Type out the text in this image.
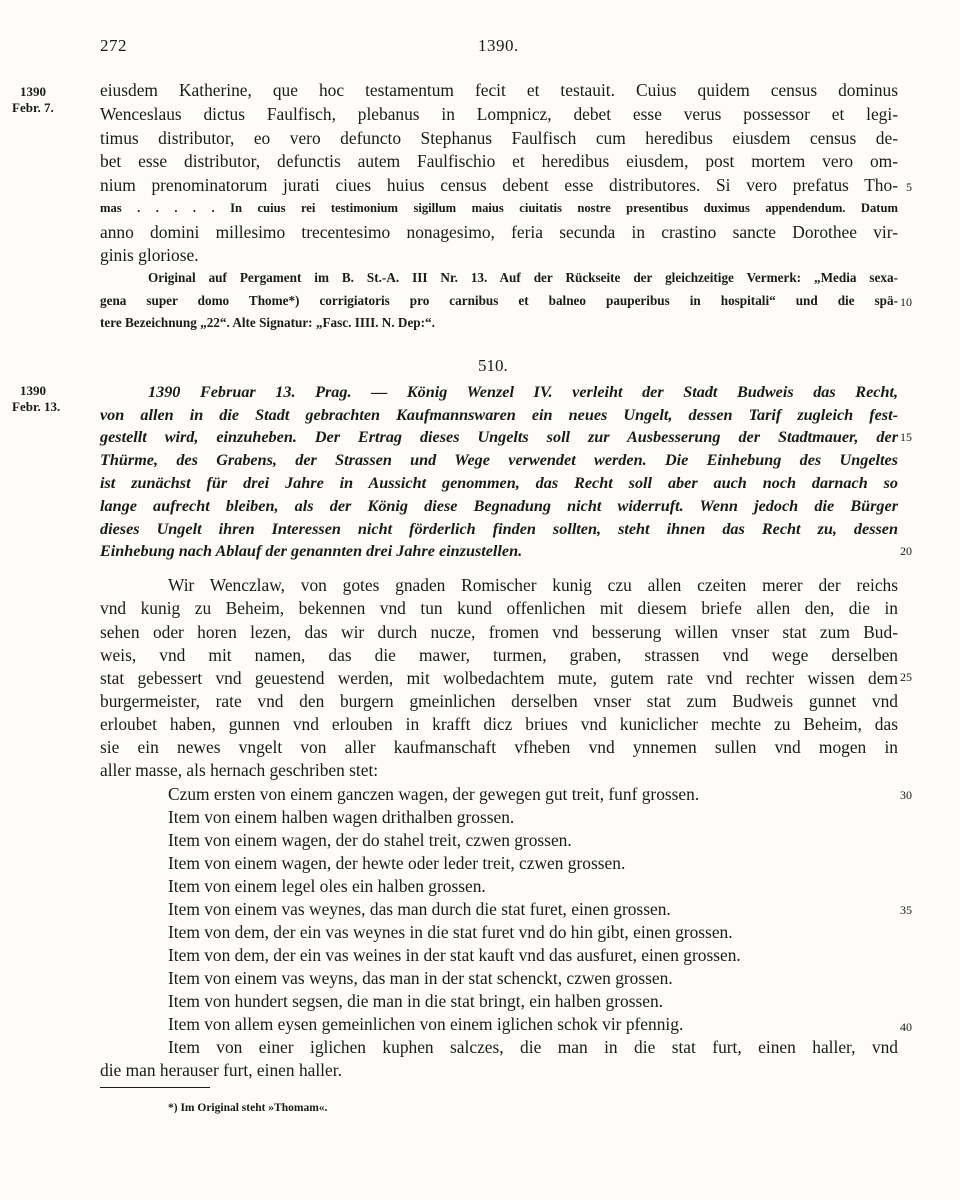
272	1390.
1390
Febr. 7.
1390
Febr. 13.
5
10
15
20
25
30
35
40
eiusdem Katherine, que hoc testamentum fecit et testauit. Cuius quidem census dominus
Wenceslaus dictus Faulfisch, plebanus in Lompnicz, debet esse verus possessor et legi-
timus distributor, eo vero defuncto Stephanus Faulfisch cum heredibus eiusdem census de-
bet esse distributor, defunctis autem Faulfischio et heredibus eiusdem, post mortem vero om-
nium prenominatorum jurati ciues huius census debent esse distributores. Si vero prefatus Tho-
mas . . . . . In cuius rei testimonium sigillum maius ciuitatis nostre presentibus duximus appendendum. Datum
anno domini millesimo trecentesimo nonagesimo, feria secunda in crastino sancte Dorothee vir-
ginis gloriose.
Original auf Pergament im B. St.-A. III Nr. 13. Auf der Rückseite der gleichzeitige Vermerk: „Media sexa-
gena super domo Thome*) corrigiatoris pro carnibus et balneo pauperibus in hospitali“ und die spä-
tere Bezeichnung „22“. Alte Signatur: „Fasc. IIII. N. Dep:“.
510.
1390 Februar 13. Prag. — König Wenzel IV. verleiht der Stadt Budweis das Recht,
von allen in die Stadt gebrachten Kaufmannswaren ein neues Ungelt, dessen Tarif zugleich fest-
gestellt wird, einzuheben. Der Ertrag dieses Ungelts soll zur Ausbesserung der Stadtmauer, der
Thürme, des Grabens, der Strassen und Wege verwendet werden. Die Einhebung des Ungeltes
ist zunächst für drei Jahre in Aussicht genommen, das Recht soll aber auch noch darnach so
lange aufrecht bleiben, als der König diese Begnadung nicht widerruft. Wenn jedoch die Bürger
dieses Ungelt ihren Interessen nicht förderlich finden sollten, steht ihnen das Recht zu, dessen
Einhebung nach Ablauf der genannten drei Jahre einzustellen.
Wir Wenczlaw, von gotes gnaden Romischer kunig czu allen czeiten merer der reichs
vnd kunig zu Beheim, bekennen vnd tun kund offenlichen mit diesem briefe allen den, die in
sehen oder horen lezen, das wir durch nucze, fromen vnd besserung willen vnser stat zum Bud-
weis, vnd mit namen, das die mawer, turmen, graben, strassen vnd wege derselben
stat gebessert vnd geuestend werden, mit wolbedachtem mute, gutem rate vnd rechter wissen dem
burgermeister, rate vnd den burgern gmeinlichen derselben vnser stat zum Budweis gunnet vnd
erloubet haben, gunnen vnd erlouben in krafft dicz briues vnd kuniclicher mechte zu Beheim, das
sie ein newes vngelt von aller kaufmanschaft vfheben vnd ynnemen sullen vnd mogen in
aller masse, als hernach geschriben stet:
Czum ersten von einem ganczen wagen, der gewegen gut treit, funf grossen.
Item von einem halben wagen drithalben grossen.
Item von einem wagen, der do stahel treit, czwen grossen.
Item von einem wagen, der hewte oder leder treit, czwen grossen.
Item von einem legel oles ein halben grossen.
Item von einem vas weynes, das man durch die stat furet, einen grossen.
Item von dem, der ein vas weynes in die stat furet vnd do hin gibt, einen grossen.
Item von dem, der ein vas weines in der stat kauft vnd das ausfuret, einen grossen.
Item von einem vas weyns, das man in der stat schenckt, czwen grossen.
Item von hundert segsen, die man in die stat bringt, ein halben grossen.
Item von allem eysen gemeinlichen von einem iglichen schok vir pfennig.
Item von einer iglichen kuphen salczes, die man in die stat furt, einen haller, vnd
die man herauser furt, einen haller.
*) Im Original steht »Thomam«.
